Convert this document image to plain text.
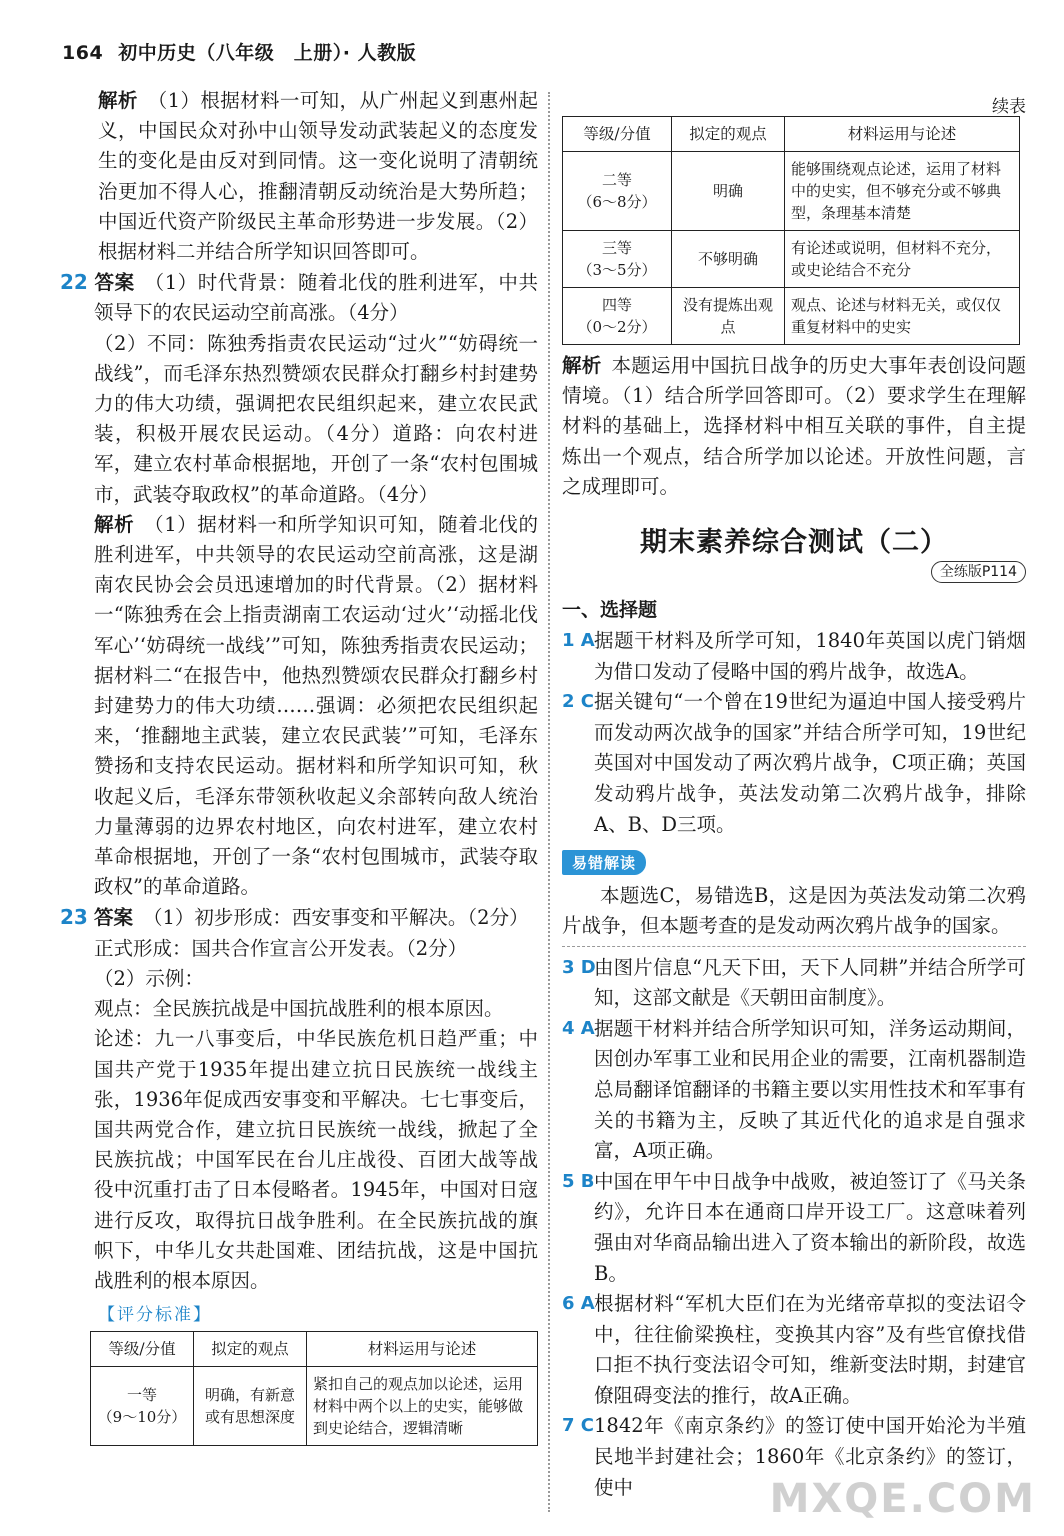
164 初中历史（八年级　上册）· 人教版

解析 （1）根据材料一可知，从广州起义到惠州起义，中国民众对孙中山领导发动武装起义的态度发生的变化是由反对到同情。这一变化说明了清朝统治更加不得人心，推翻清朝反动统治是大势所趋；中国近代资产阶级民主革命形势进一步发展。（2）根据材料二并结合所学知识回答即可。

22 答案 （1）时代背景：随着北伐的胜利进军，中共领导下的农民运动空前高涨。（4分）

（2）不同：陈独秀指责农民运动“过火”“妨碍统一战线”，而毛泽东热烈赞颂农民群众打翻乡村封建势力的伟大功绩，强调把农民组织起来，建立农民武装，积极开展农民运动。（4分）道路：向农村进军，建立农村革命根据地，开创了一条“农村包围城市，武装夺取政权”的革命道路。（4分）

解析 （1）据材料一和所学知识可知，随着北伐的胜利进军，中共领导的农民运动空前高涨，这是湖南农民协会会员迅速增加的时代背景。（2）据材料一“陈独秀在会上指责湖南工农运动‘过火’‘动摇北伐军心’‘妨碍统一战线’”可知，陈独秀指责农民运动；据材料二“在报告中，他热烈赞颂农民群众打翻乡村封建势力的伟大功绩……强调：必须把农民组织起来，‘推翻地主武装，建立农民武装’”可知，毛泽东赞扬和支持农民运动。据材料和所学知识可知，秋收起义后，毛泽东带领秋收起义余部转向敌人统治力量薄弱的边界农村地区，向农村进军，建立农村革命根据地，开创了一条“农村包围城市，武装夺取政权”的革命道路。

23 答案 （1）初步形成：西安事变和平解决。（2分）

正式形成：国共合作宣言公开发表。（2分）

（2）示例：

观点：全民族抗战是中国抗战胜利的根本原因。

论述：九一八事变后，中华民族危机日趋严重；中国共产党于1935年提出建立抗日民族统一战线主张，1936年促成西安事变和平解决。七七事变后，国共两党合作，建立抗日民族统一战线，掀起了全民族抗战；中国军民在台儿庄战役、百团大战等战役中沉重打击了日本侵略者。1945年，中国对日寇进行反攻，取得抗日战争胜利。在全民族抗战的旗帜下，中华儿女共赴国难、团结抗战，这是中国抗战胜利的根本原因。

【评分标准】
等级/分值	拟定的观点	材料运用与论述
一等
（9～10分）	明确，有新意或有思想深度	紧扣自己的观点加以论述，运用材料中两个以上的史实，能够做到史论结合，逻辑清晰
续表
等级/分值	拟定的观点	材料运用与论述
二等
（6～8分）	明确	能够围绕观点论述，运用了材料中的史实，但不够充分或不够典型，条理基本清楚
三等
（3～5分）	不够明确	有论述或说明，但材料不充分，或史论结合不充分
四等
（0～2分）	没有提炼出观点	观点、论述与材料无关，或仅仅重复材料中的史实

解析 本题运用中国抗日战争的历史大事年表创设问题情境。（1）结合所学回答即可。（2）要求学生在理解材料的基础上，选择材料中相互关联的事件，自主提炼出一个观点，结合所学加以论述。开放性问题，言之成理即可。

期末素养综合测试（二）
全练版P114
一、选择题

1 A 据题干材料及所学可知，1840年英国以虎门销烟为借口发动了侵略中国的鸦片战争，故选A。

2 C 据关键句“一个曾在19世纪为逼迫中国人接受鸦片而发动两次战争的国家”并结合所学可知，19世纪英国对中国发动了两次鸦片战争，C项正确；英国发动鸦片战争，英法发动第二次鸦片战争，排除A、B、D三项。

易错解读

本题选C，易错选B，这是因为英法发动第二次鸦片战争，但本题考查的是发动两次鸦片战争的国家。

3 D
由图片信息“凡天下田，天下人同耕”并结合所学可知，这部文献是《天朝田亩制度》。

4 A 据题干材料并结合所学知识可知，洋务运动期间，因创办军事工业和民用企业的需要，江南机器制造总局翻译馆翻译的书籍主要以实用性技术和军事有关的书籍为主，反映了其近代化的追求是自强求富，A项正确。

5 B 中国在甲午中日战争中战败，被迫签订了《马关条约》，允许日本在通商口岸开设工厂。这意味着列强由对华商品输出进入了资本输出的新阶段，故选B。

6 A 根据材料“军机大臣们在为光绪帝草拟的变法诏令中，往往偷梁换柱，变换其内容”及有些官僚找借口拒不执行变法诏令可知，维新变法时期，封建官僚阻碍变法的推行，故A正确。

7 C 1842年《南京条约》的签订使中国开始沦为半殖民地半封建社会；1860年《北京条约》的签订，使中	MXQE.COM
